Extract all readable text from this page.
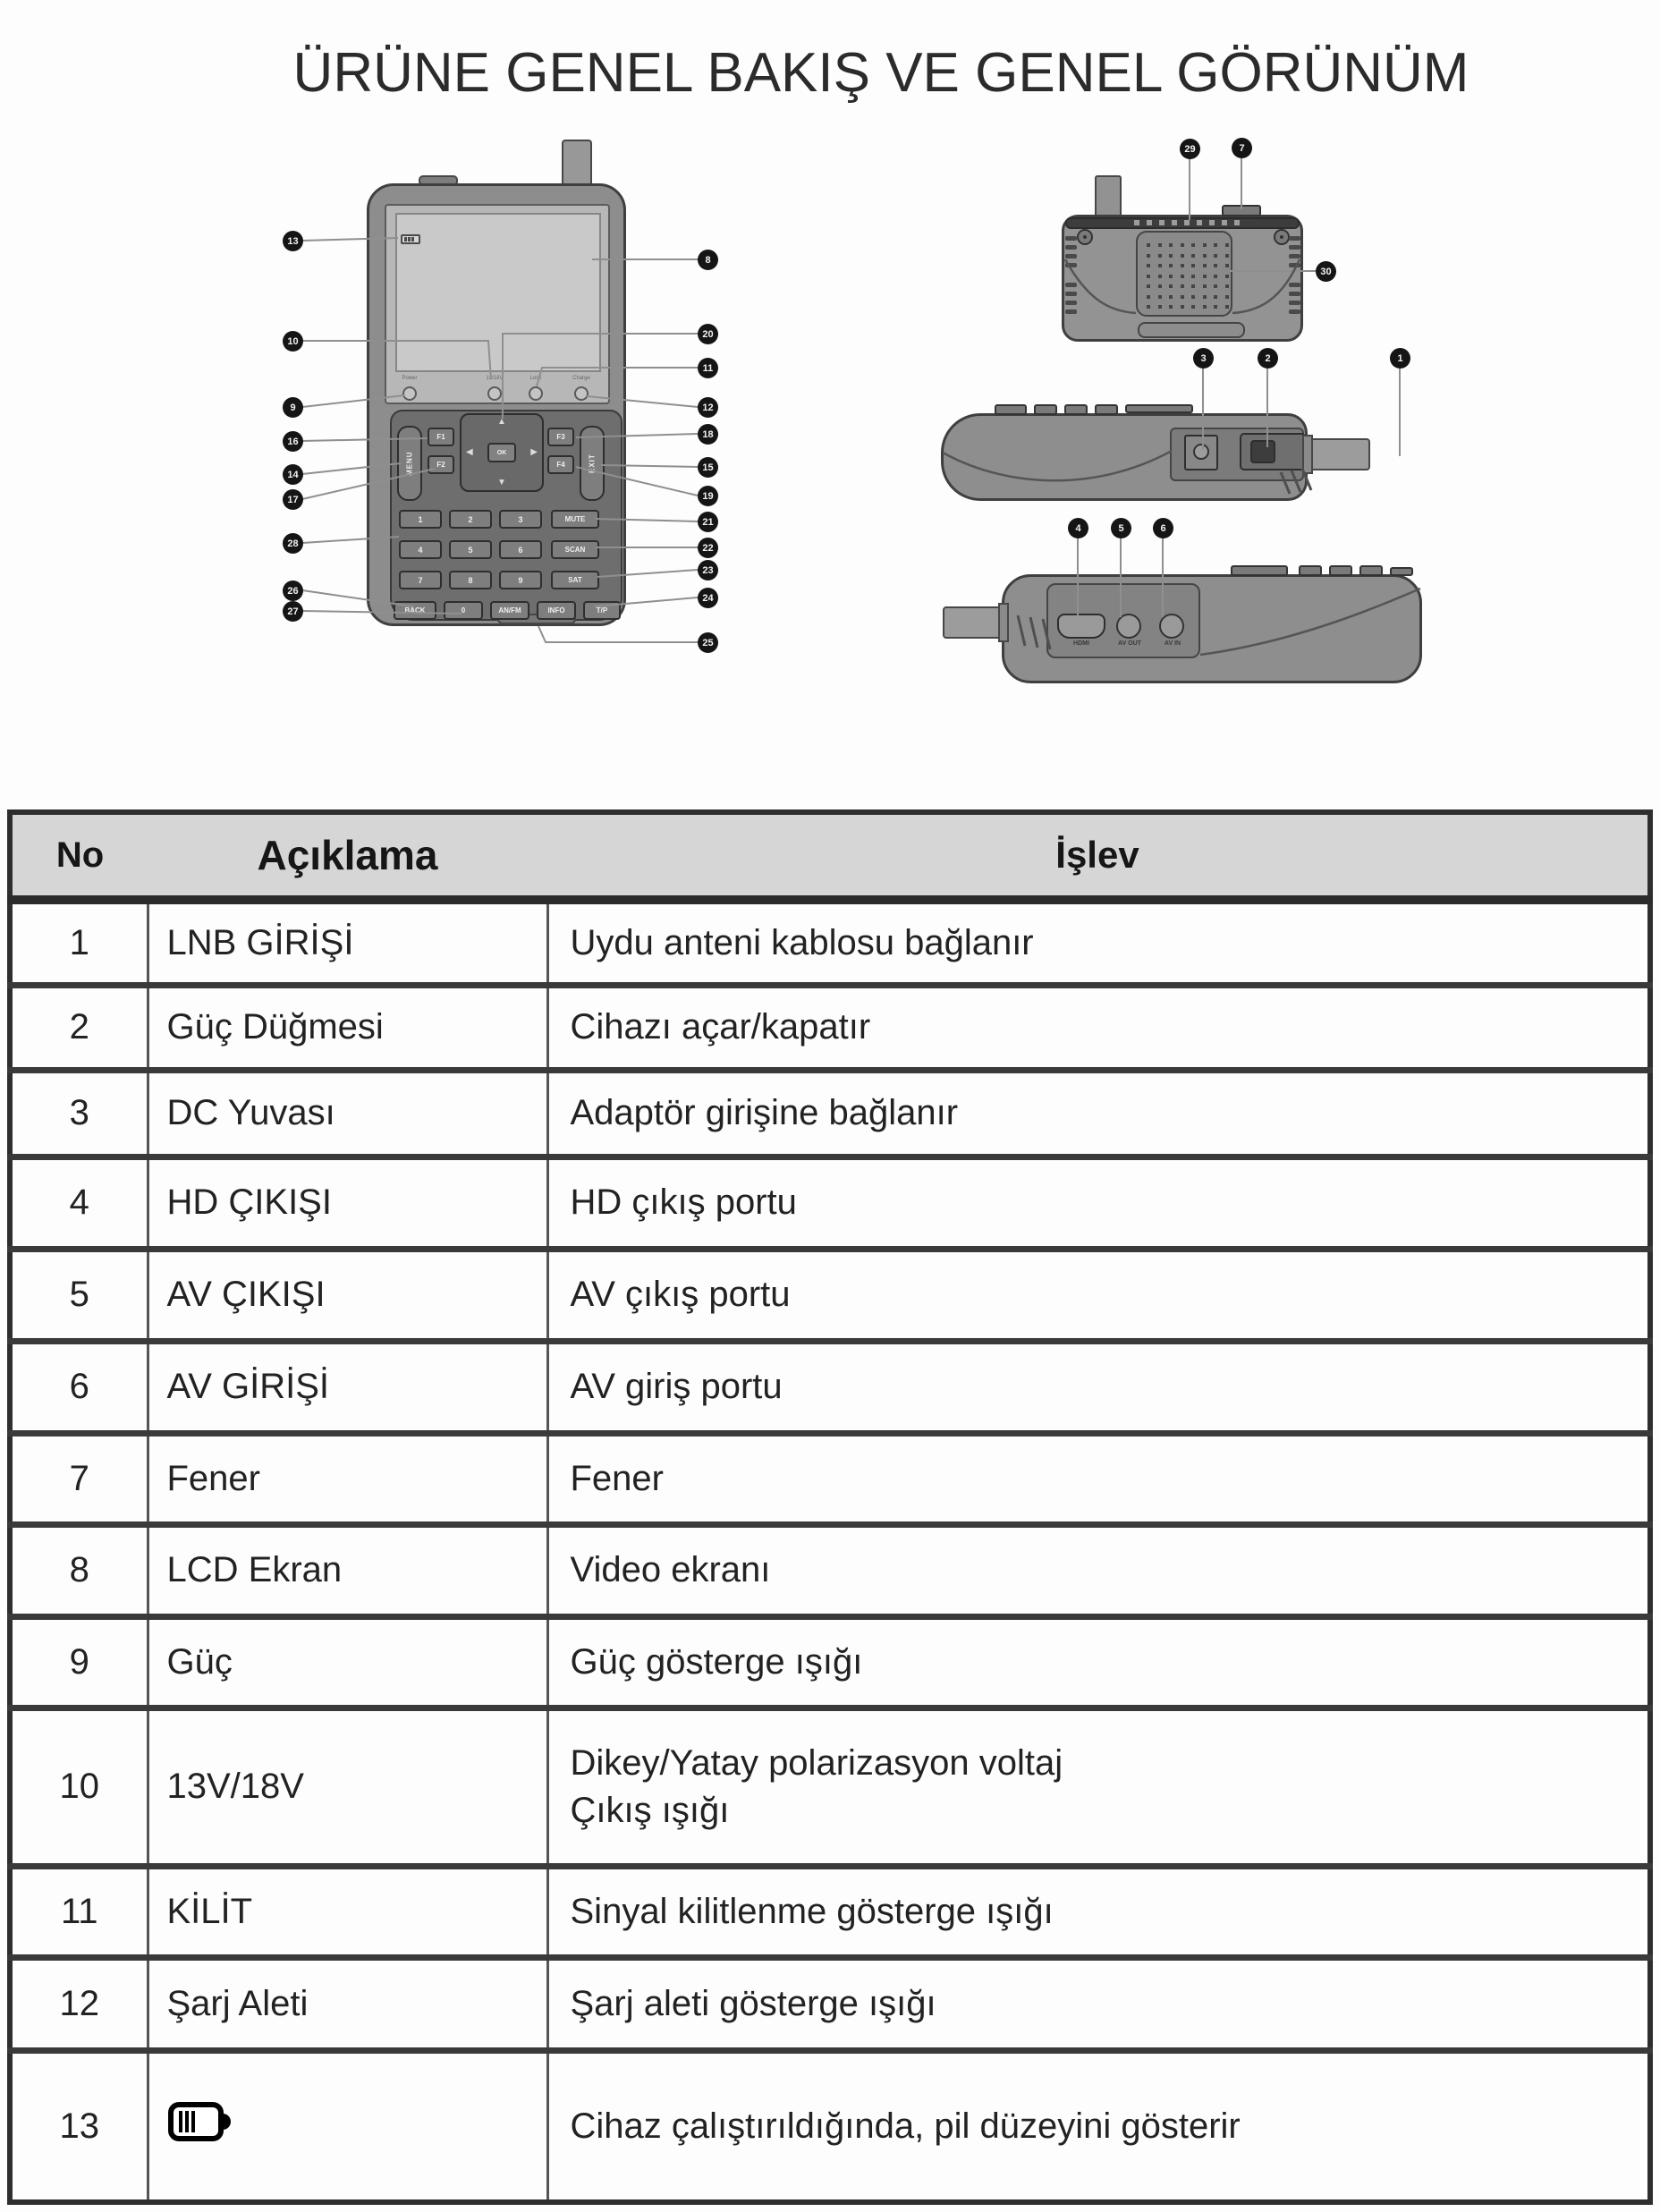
ÜRÜNE GENEL BAKIŞ VE GENEL GÖRÜNÜM
MENU	EXIT
F1
F2
F3
F4
▲
▼
◀	▶
OK
1	2	3
4	5	6
7	8	9
MUTE
SCAN
SAT
BACK	0	AN/FM	INFO	T/P
Power	13/18V	Lock	Charge
HDMI	AV OUT	AV IN
13
10
9
16
14
17
28
26
27
8
20
11
12
18
15
19
21
22
23
24
25
29	7
30
3	2	1
4	5	6
No	Açıklama	İşlev
1	LNB GİRİŞİ	Uydu anteni kablosu bağlanır
2	Güç Düğmesi	Cihazı açar/kapatır
3	DC Yuvası	Adaptör girişine bağlanır
4	HD ÇIKIŞI	HD çıkış portu
5	AV ÇIKIŞI	AV çıkış portu
6	AV GİRİŞİ	AV giriş portu
7	Fener	Fener
8	LCD Ekran	Video ekranı
9	Güç	Güç gösterge ışığı
10	13V/18V	Dikey/Yatay polarizasyon voltaj
Çıkış ışığı
11	KİLİT	Sinyal kilitlenme gösterge ışığı
12	Şarj Aleti	Şarj aleti gösterge ışığı
13		Cihaz çalıştırıldığında, pil düzeyini gösterir
